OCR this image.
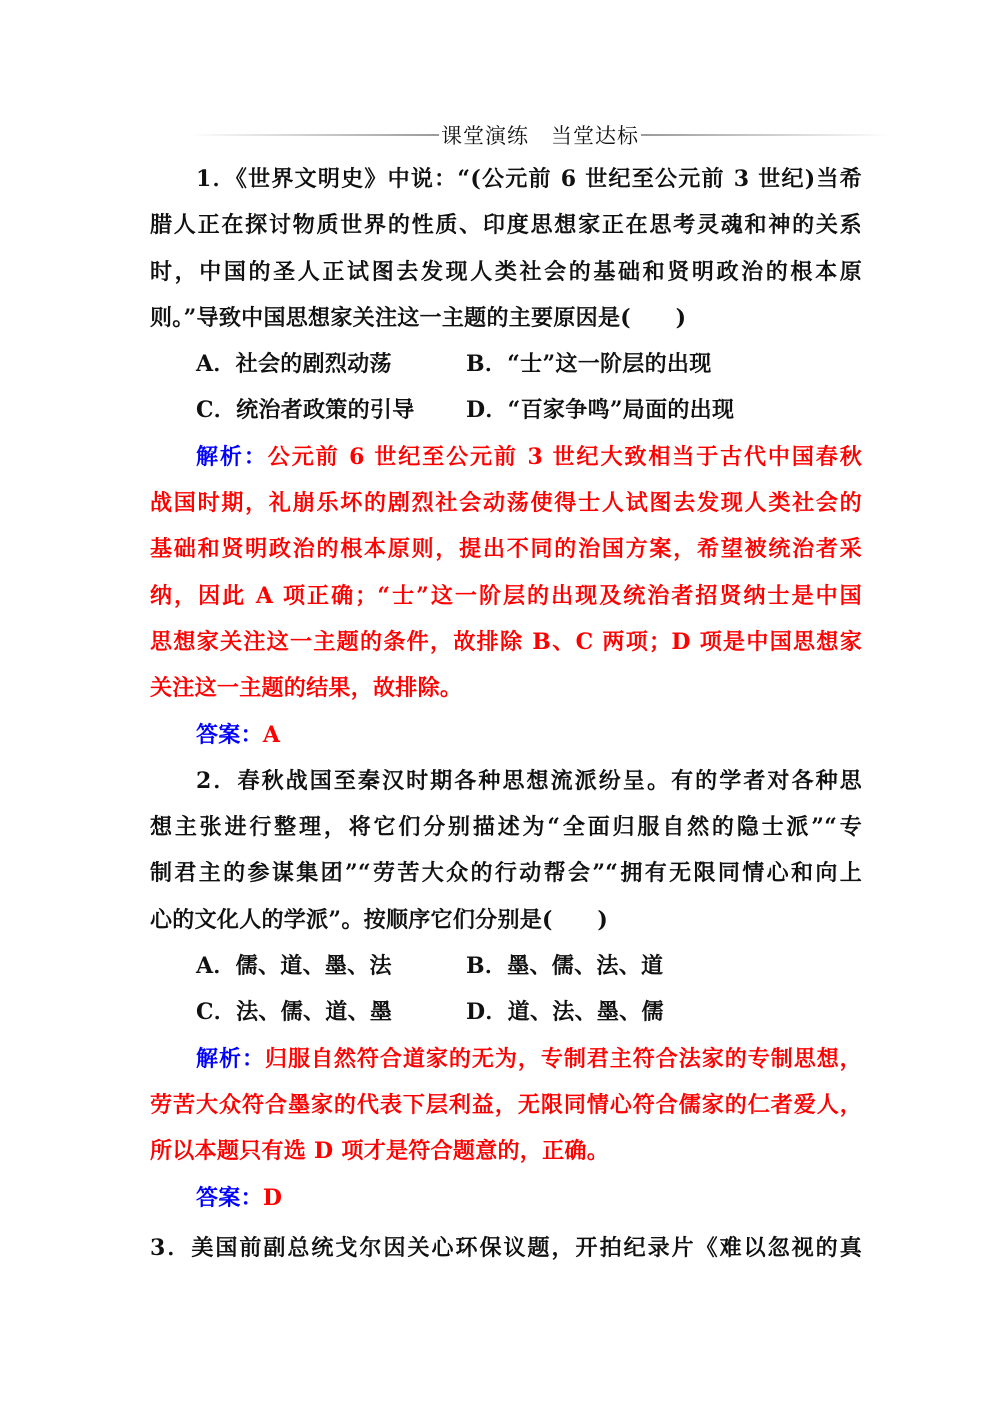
课堂演练　当堂达标
1．《世界文明史》中说：“(公元前 6 世纪至公元前 3 世纪)当希
腊人正在探讨物质世界的性质、印度思想家正在思考灵魂和神的关系
时，中国的圣人正试图去发现人类社会的基础和贤明政治的根本原
则。”导致中国思想家关注这一主题的主要原因是(　　)
A．社会的剧烈动荡	B．“士”这一阶层的出现
C．统治者政策的引导	D．“百家争鸣”局面的出现
解析：公元前 6 世纪至公元前 3 世纪大致相当于古代中国春秋
战国时期，礼崩乐坏的剧烈社会动荡使得士人试图去发现人类社会的
基础和贤明政治的根本原则，提出不同的治国方案，希望被统治者采
纳，因此 A 项正确；“士”这一阶层的出现及统治者招贤纳士是中国
思想家关注这一主题的条件，故排除 B、C 两项；D 项是中国思想家
关注这一主题的结果，故排除。
答案：A
2．春秋战国至秦汉时期各种思想流派纷呈。有的学者对各种思
想主张进行整理，将它们分别描述为“全面归服自然的隐士派”“专
制君主的参谋集团”“劳苦大众的行动帮会”“拥有无限同情心和向上
心的文化人的学派”。按顺序它们分别是(　　)
A．儒、道、墨、法	B．墨、儒、法、道
C．法、儒、道、墨	D．道、法、墨、儒
解析：归服自然符合道家的无为，专制君主符合法家的专制思想，
劳苦大众符合墨家的代表下层利益，无限同情心符合儒家的仁者爱人，
所以本题只有选 D 项才是符合题意的，正确。
答案：D
3．美国前副总统戈尔因关心环保议题，开拍纪录片《难以忽视的真
